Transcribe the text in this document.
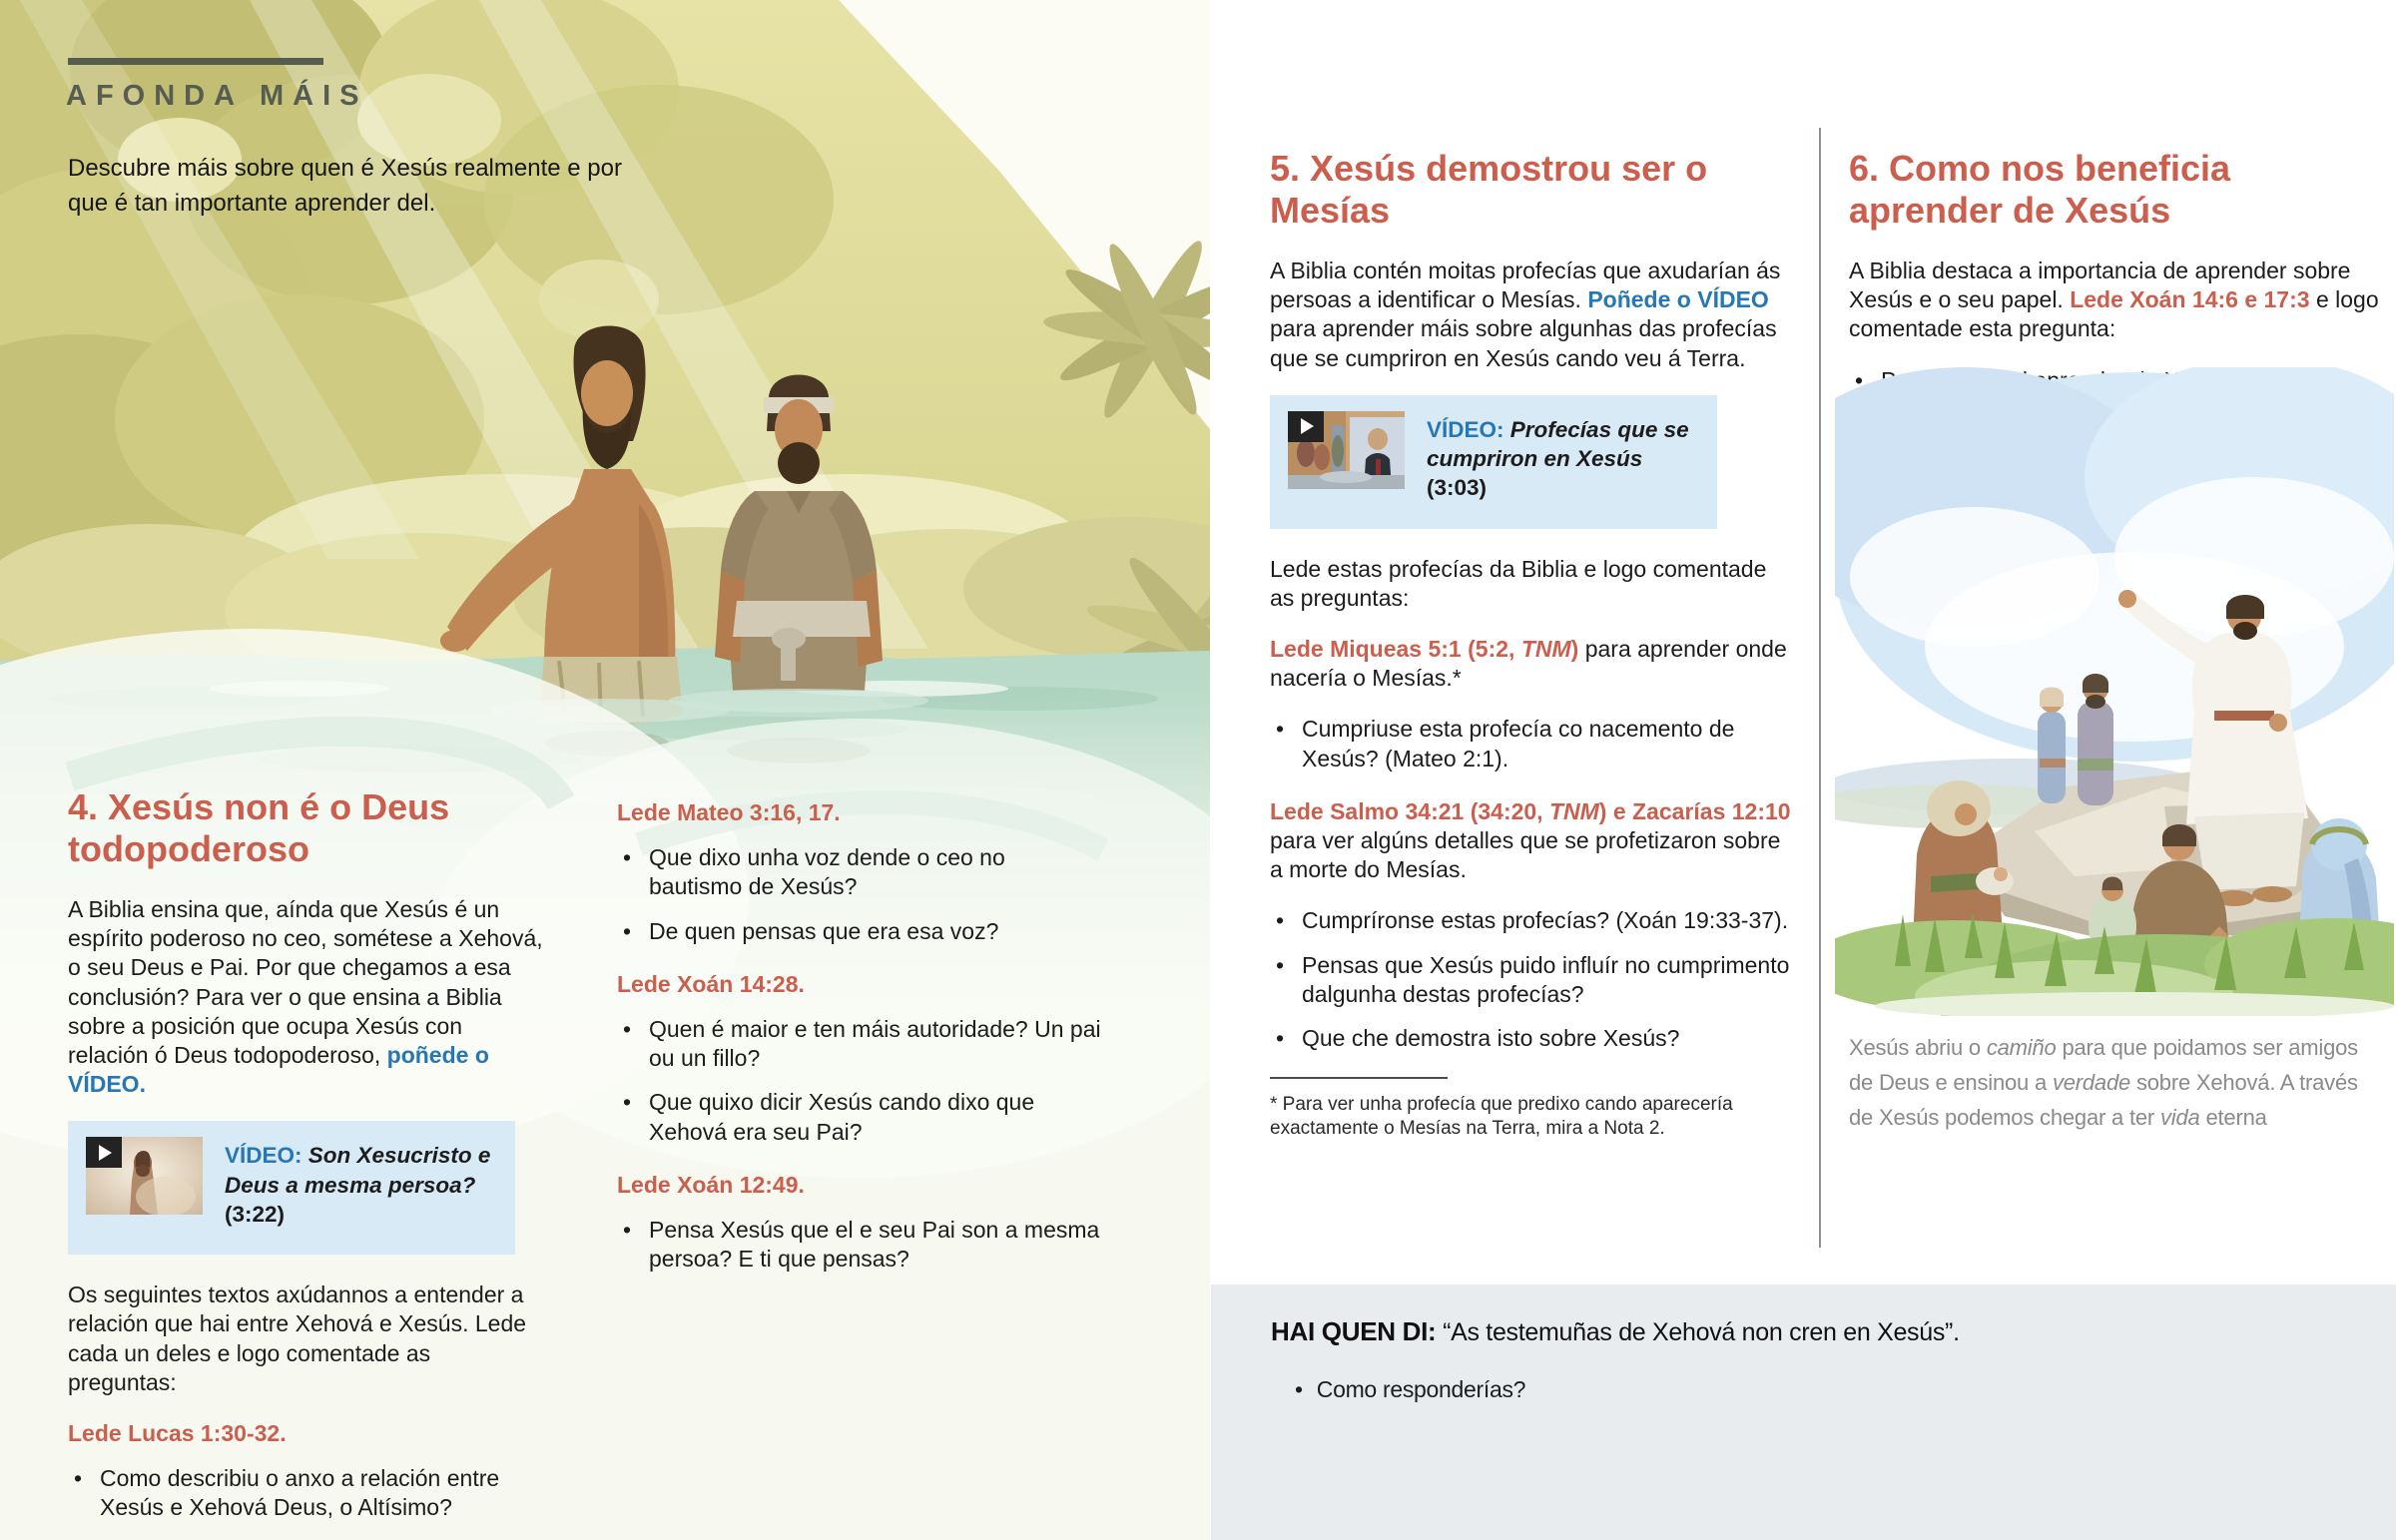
AFONDA MÁIS
Descubre máis sobre quen é Xesús realmente e por que é tan importante aprender del.
4. Xesús non é o Deus todopoderoso

A Biblia ensina que, aínda que Xesús é un espírito poderoso no ceo, sométese a Xehová, o seu Deus e Pai. Por que chegamos a esa conclusión? Para ver o que ensina a Biblia sobre a posición que ocupa Xesús con relación ó Deus todopoderoso, poñede o VÍDEO.

VÍDEO: Son Xesucristo e Deus a mesma persoa? (3:22)

Os seguintes textos axúdannos a entender a relación que hai entre Xehová e Xesús. Lede cada un deles e logo comentade as preguntas:

Lede Lucas 1:30-32.

• Como describiu o anxo a relación entre Xesús e Xehová Deus, o Altísimo?

Lede Mateo 3:16, 17.

• Que dixo unha voz dende o ceo no bautismo de Xesús?
• De quen pensas que era esa voz?

Lede Xoán 14:28.

• Quen é maior e ten máis autoridade? Un pai ou un fillo?
• Que quixo dicir Xesús cando dixo que Xehová era seu Pai?

Lede Xoán 12:49.

• Pensa Xesús que el e seu Pai son a mesma persoa? E ti que pensas?
5. Xesús demostrou ser o Mesías

A Biblia contén moitas profecías que axudarían ás persoas a identificar o Mesías. Poñede o VÍDEO para aprender máis sobre algunhas das profecías que se cumpriron en Xesús cando veu á Terra.

VÍDEO: Profecías que se cumpriron en Xesús (3:03)

Lede estas profecías da Biblia e logo comentade as preguntas:

Lede Miqueas 5:1 (5:2, TNM) para aprender onde nacería o Mesías.*

• Cumpriuse esta profecía co nacemento de Xesús? (Mateo 2:1).

Lede Salmo 34:21 (34:20, TNM) e Zacarías 12:10 para ver algúns detalles que se profetizaron sobre a morte do Mesías.

• Cumpríronse estas profecías? (Xoán 19:33-37).
• Pensas que Xesús puido influír no cumprimento dalgunha destas profecías?
• Que che demostra isto sobre Xesús?

* Para ver unha profecía que predixo cando aparecería exactamente o Mesías na Terra, mira a Nota 2.

6. Como nos beneficia aprender de Xesús

A Biblia destaca a importancia de aprender sobre Xesús e o seu papel. Lede Xoán 14:6 e 17:3 e logo comentade esta pregunta:

•
Xesús abriu o camiño para que poidamos ser amigos de Deus e ensinou a verdade sobre Xehová. A través de Xesús podemos chegar a ter vida eterna
HAI QUEN DI: “As testemuñas de Xehová non cren en Xesús”.
• Como responderías?
